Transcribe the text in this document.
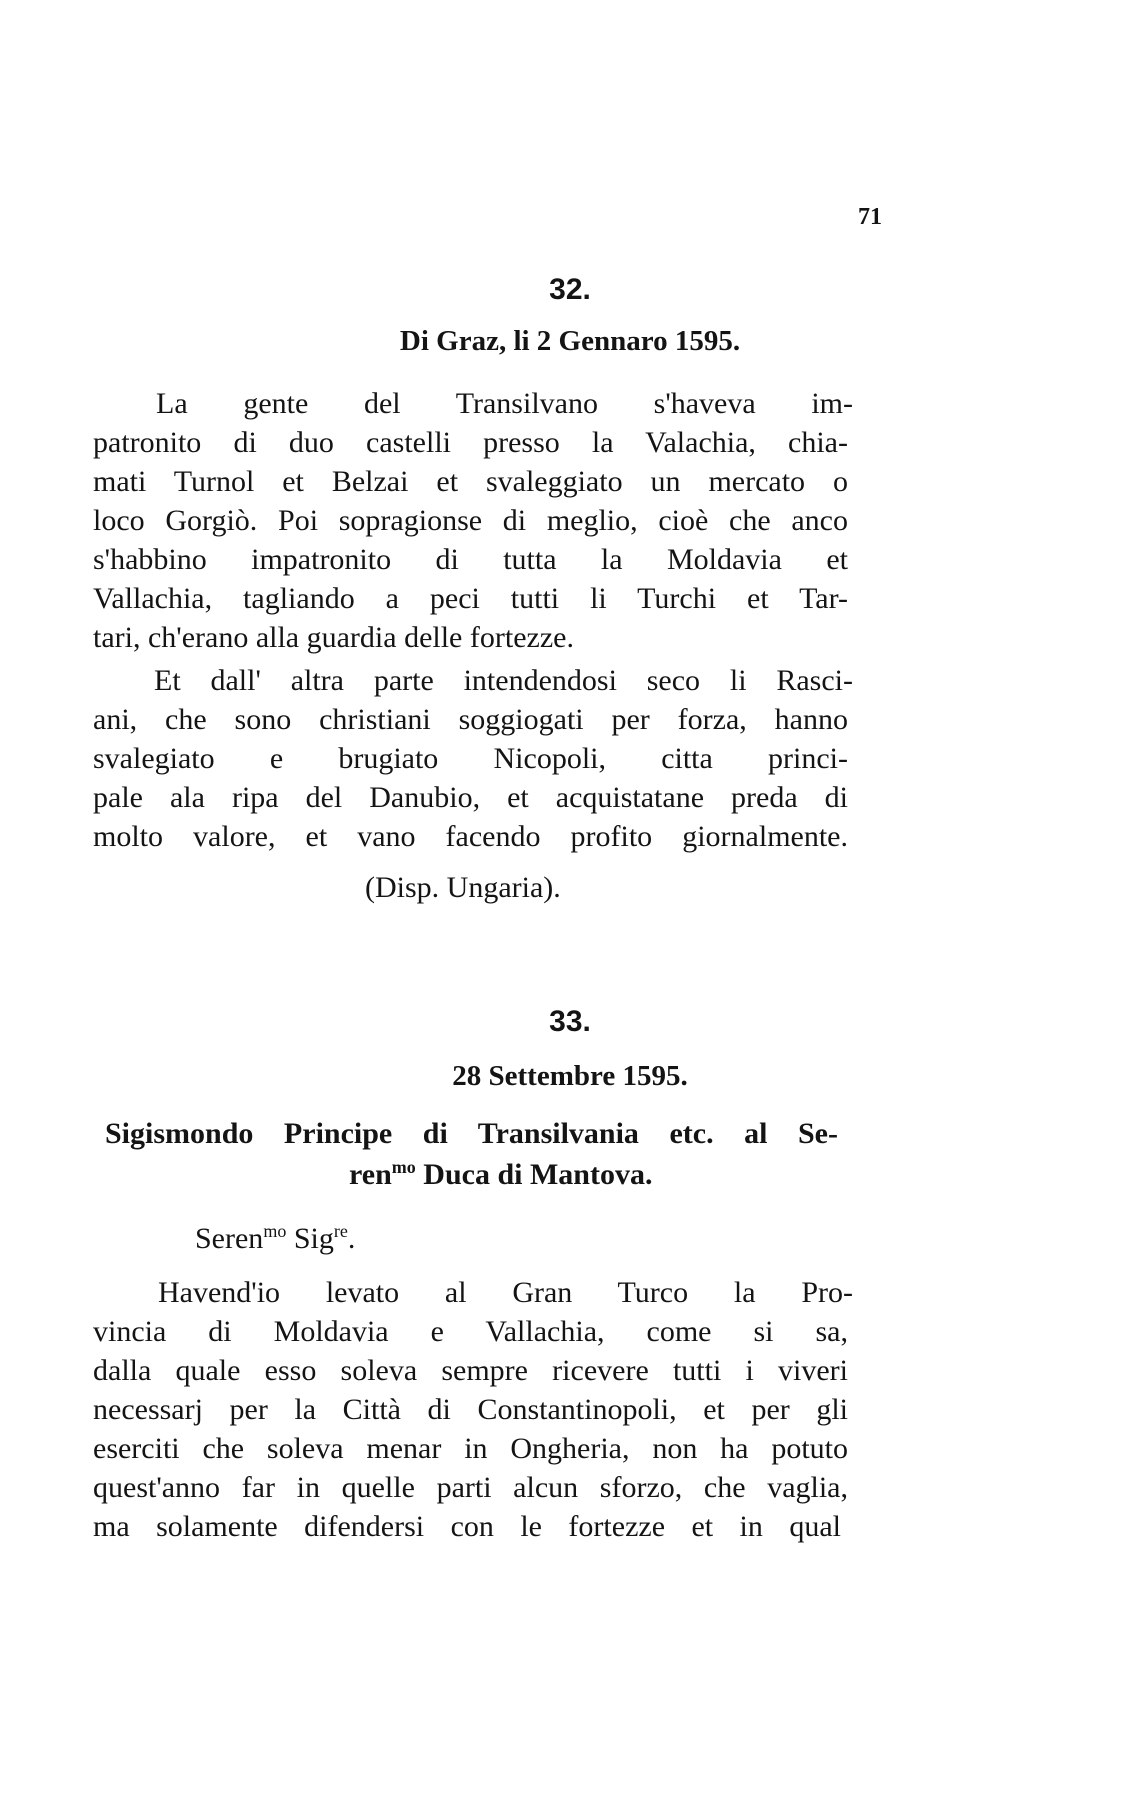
71
32.
Di Graz, li 2 Gennaro 1595.
La gente del Transilvano s'haveva im-
patronito di duo castelli presso la Valachia, chia-
mati Turnol et Belzai et svaleggiato un mercato o
loco Gorgiò. Poi sopragionse di meglio, cioè che anco
s'habbino impatronito di tutta la Moldavia et
Vallachia, tagliando a peci tutti li Turchi et Tar-
tari, ch'erano alla guardia delle fortezze.
Et dall' altra parte intendendosi seco li Rasci-
ani, che sono christiani soggiogati per forza, hanno
svalegiato e brugiato Nicopoli, citta princi-
pale ala ripa del Danubio, et acquistatane preda di
molto valore, et vano facendo profito giornalmente.
(Disp. Ungaria).
33.
28 Settembre 1595.
Sigismondo Principe di Transilvania etc. al Se-
ren$^{mo}$ Duca di Mantova.
Seren$^{mo}$ Sig$^{re}$.
Havend'io levato al Gran Turco la Pro-
vincia di Moldavia e Vallachia, come si sa,
dalla quale esso soleva sempre ricevere tutti i viveri
necessarj per la Città di Constantinopoli, et per gli
eserciti che soleva menar in Ongheria, non ha potuto
quest'anno far in quelle parti alcun sforzo, che vaglia,
ma solamente difendersi con le fortezze et in qual
